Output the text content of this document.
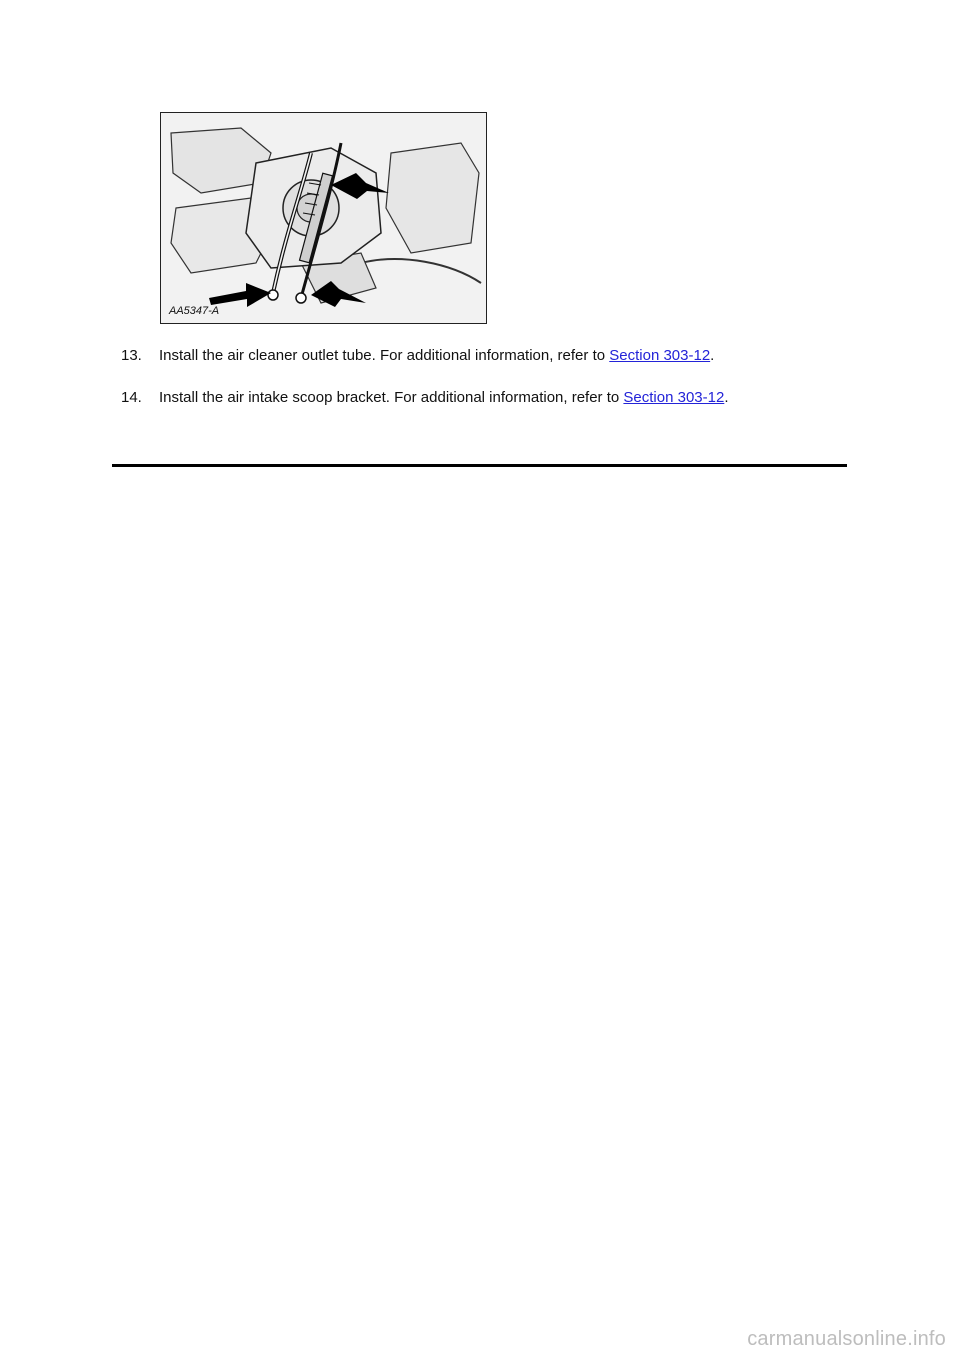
AA5347-A
13. Install the air cleaner outlet tube. For additional information, refer to Section 303-12.
14. Install the air intake scoop bracket. For additional information, refer to Section 303-12.
carmanualsonline.info
